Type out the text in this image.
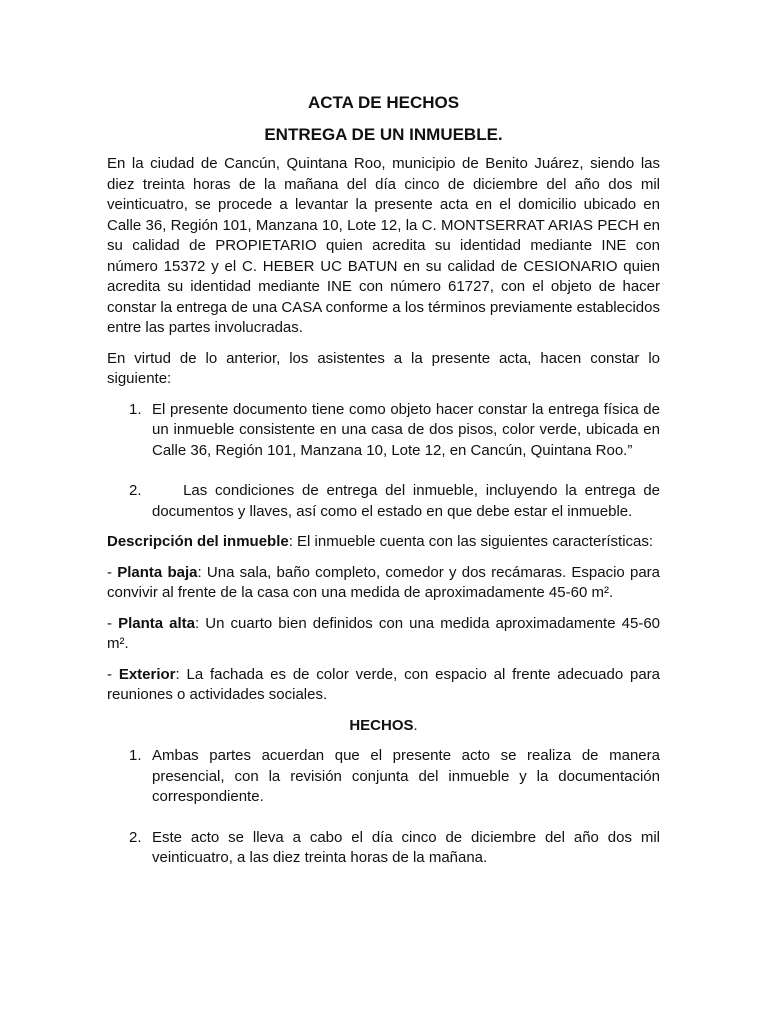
ACTA DE HECHOS
ENTREGA DE UN INMUEBLE.

En la ciudad de Cancún, Quintana Roo, municipio de Benito Juárez, siendo las diez treinta horas de la mañana del día cinco de diciembre del año dos mil veinticuatro, se procede a levantar la presente acta en el domicilio ubicado en Calle 36, Región 101, Manzana 10, Lote 12, la C. MONTSERRAT ARIAS PECH en su calidad de PROPIETARIO quien acredita su identidad mediante INE con número 15372 y el C. HEBER UC BATUN en su calidad de CESIONARIO quien acredita su identidad mediante INE con número 61727, con el objeto de hacer constar la entrega de una CASA conforme a los términos previamente establecidos entre las partes involucradas.

En virtud de lo anterior, los asistentes a la presente acta, hacen constar lo siguiente:

1. El presente documento tiene como objeto hacer constar la entrega física de un inmueble consistente en una casa de dos pisos, color verde, ubicada en Calle 36, Región 101, Manzana 10, Lote 12, en Cancún, Quintana Roo.”
2.	Las condiciones de entrega del inmueble, incluyendo la entrega de documentos y llaves, así como el estado en que debe estar el inmueble.

Descripción del inmueble: El inmueble cuenta con las siguientes características:

- Planta baja: Una sala, baño completo, comedor y dos recámaras. Espacio para convivir al frente de la casa con una medida de aproximadamente 45-60 m².

- Planta alta: Un cuarto bien definidos con una medida aproximadamente 45-60 m².

- Exterior: La fachada es de color verde, con espacio al frente adecuado para reuniones o actividades sociales.

HECHOS.

1. Ambas partes acuerdan que el presente acto se realiza de manera presencial, con la revisión conjunta del inmueble y la documentación correspondiente.
2. Este acto se lleva a cabo el día cinco de diciembre del año dos mil veinticuatro, a las diez treinta horas de la mañana.
